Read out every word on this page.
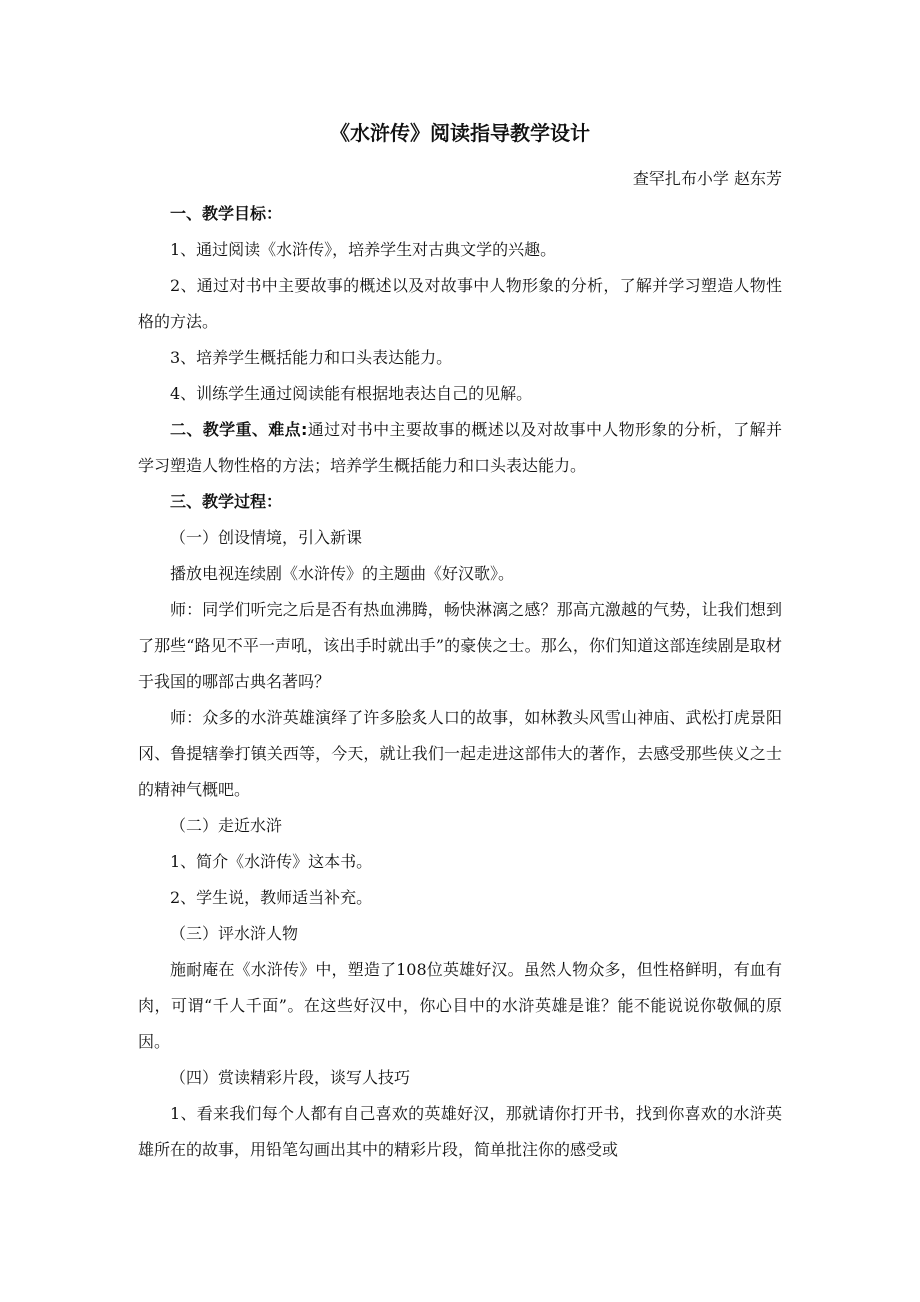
《水浒传》阅读指导教学设计
查罕扎布小学 赵东芳

一、教学目标：

1、通过阅读《水浒传》，培养学生对古典文学的兴趣。

2、通过对书中主要故事的概述以及对故事中人物形象的分析，了解并学习塑造人物性格的方法。

3、培养学生概括能力和口头表达能力。

4、训练学生通过阅读能有根据地表达自己的见解。

二、教学重、难点:通过对书中主要故事的概述以及对故事中人物形象的分析，了解并学习塑造人物性格的方法；培养学生概括能力和口头表达能力。

三、教学过程：

（一）创设情境，引入新课

播放电视连续剧《水浒传》的主题曲《好汉歌》。

师：同学们听完之后是否有热血沸腾，畅快淋漓之感？那高亢激越的气势，让我们想到了那些“路见不平一声吼，该出手时就出手”的豪侠之士。那么，你们知道这部连续剧是取材于我国的哪部古典名著吗？

师：众多的水浒英雄演绎了许多脍炙人口的故事，如林教头风雪山神庙、武松打虎景阳冈、鲁提辖拳打镇关西等，今天，就让我们一起走进这部伟大的著作，去感受那些侠义之士的精神气概吧。

（二）走近水浒

1、简介《水浒传》这本书。

2、学生说，教师适当补充。

（三）评水浒人物

施耐庵在《水浒传》中，塑造了108位英雄好汉。虽然人物众多，但性格鲜明，有血有肉，可谓“千人千面”。在这些好汉中，你心目中的水浒英雄是谁？能不能说说你敬佩的原因。

（四）赏读精彩片段，谈写人技巧

1、看来我们每个人都有自己喜欢的英雄好汉，那就请你打开书，找到你喜欢的水浒英雄所在的故事，用铅笔勾画出其中的精彩片段，简单批注你的感受或
